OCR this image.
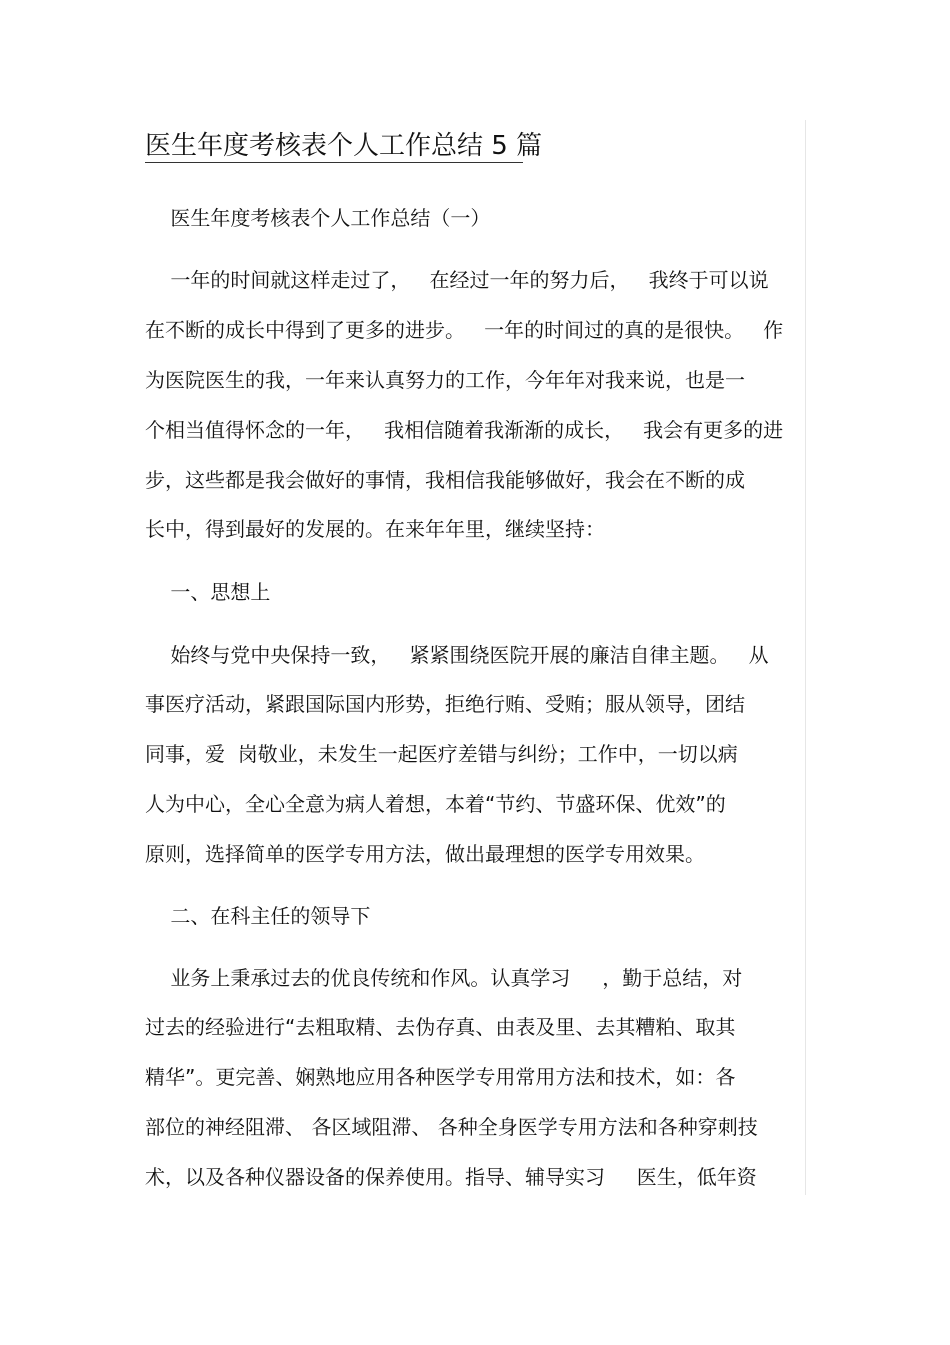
医生年度考核表个人工作总结 5 篇

医生年度考核表个人工作总结（一）

一年的时间就这样走过了，   在经过一年的努力后，   我终于可以说

在不断的成长中得到了更多的进步。   一年的时间过的真的是很快。   作

为医院医生的我，一年来认真努力的工作，今年年对我来说，也是一

个相当值得怀念的一年，   我相信随着我渐渐的成长，   我会有更多的进

步，这些都是我会做好的事情，我相信我能够做好，我会在不断的成

长中，得到最好的发展的。在来年年里，继续坚持：

一、思想上

始终与党中央保持一致，   紧紧围绕医院开展的廉洁自律主题。   从

事医疗活动，紧跟国际国内形势，拒绝行贿、受贿；服从领导，团结

同事，爱  岗敬业，未发生一起医疗差错与纠纷；工作中，一切以病

人为中心，全心全意为病人着想，本着“节约、节盛环保、优效”的

原则，选择简单的医学专用方法，做出最理想的医学专用效果。

二、在科主任的领导下

业务上秉承过去的优良传统和作风。认真学习     ，勤于总结，对

过去的经验进行“去粗取精、去伪存真、由表及里、去其糟粕、取其

精华”。更完善、娴熟地应用各种医学专用常用方法和技术，如：各

部位的神经阻滞、 各区域阻滞、 各种全身医学专用方法和各种穿刺技

术，以及各种仪器设备的保养使用。指导、辅导实习     医生，低年资
